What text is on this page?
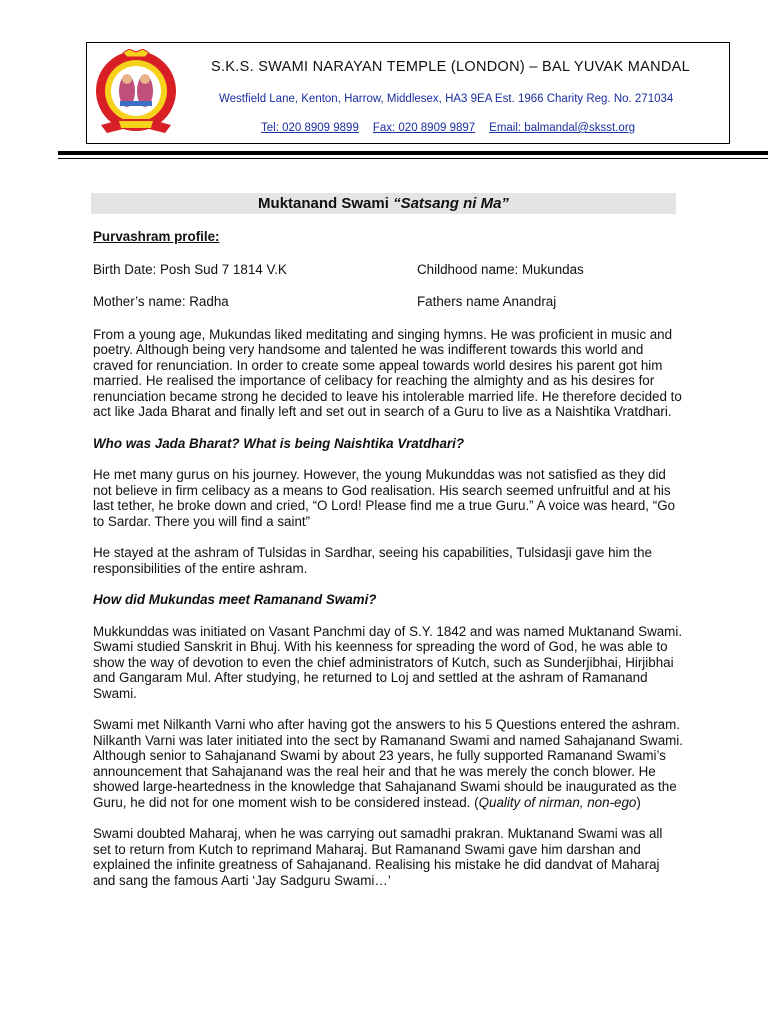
S.K.S. SWAMI NARAYAN TEMPLE (LONDON) – BAL YUVAK MANDAL
Westfield Lane, Kenton, Harrow, Middlesex, HA3 9EA Est. 1966 Charity Reg. No. 271034
Tel: 020 8909 9899 Fax: 020 8909 9897 Email: balmandal@sksst.org
Muktanand Swami “Satsang ni Ma”

Purvashram profile:

Birth Date: Posh Sud 7 1814 V.K	Childhood name: Mukundas
Mother’s name: Radha	Fathers name Anandraj

From a young age, Mukundas liked meditating and singing hymns. He was proficient in music and poetry. Although being very handsome and talented he was indifferent towards this world and craved for renunciation. In order to create some appeal towards world desires his parent got him married. He realised the importance of celibacy for reaching the almighty and as his desires for renunciation became strong he decided to leave his intolerable married life. He therefore decided to act like Jada Bharat and finally left and set out in search of a Guru to live as a Naishtika Vratdhari.

Who was Jada Bharat? What is being Naishtika Vratdhari?

He met many gurus on his journey. However, the young Mukunddas was not satisfied as they did not believe in firm celibacy as a means to God realisation. His search seemed unfruitful and at his last tether, he broke down and cried, “O Lord! Please find me a true Guru.” A voice was heard, “Go to Sardar. There you will find a saint”

He stayed at the ashram of Tulsidas in Sardhar, seeing his capabilities, Tulsidasji gave him the responsibilities of the entire ashram.

How did Mukundas meet Ramanand Swami?

Mukkunddas was initiated on Vasant Panchmi day of S.Y. 1842 and was named Muktanand Swami. Swami studied Sanskrit in Bhuj. With his keenness for spreading the word of God, he was able to show the way of devotion to even the chief administrators of Kutch, such as Sunderjibhai, Hirjibhai and Gangaram Mul. After studying, he returned to Loj and settled at the ashram of Ramanand Swami.

Swami met Nilkanth Varni who after having got the answers to his 5 Questions entered the ashram. Nilkanth Varni was later initiated into the sect by Ramanand Swami and named Sahajanand Swami. Although senior to Sahajanand Swami by about 23 years, he fully supported Ramanand Swami’s announcement that Sahajanand was the real heir and that he was merely the conch blower. He showed large-heartedness in the knowledge that Sahajanand Swami should be inaugurated as the Guru, he did not for one moment wish to be considered instead. (Quality of nirman, non-ego)

Swami doubted Maharaj, when he was carrying out samadhi prakran. Muktanand Swami was all set to return from Kutch to reprimand Maharaj. But Ramanand Swami gave him darshan and explained the infinite greatness of Sahajanand. Realising his mistake he did dandvat of Maharaj and sang the famous Aarti ‘Jay Sadguru Swami…’
